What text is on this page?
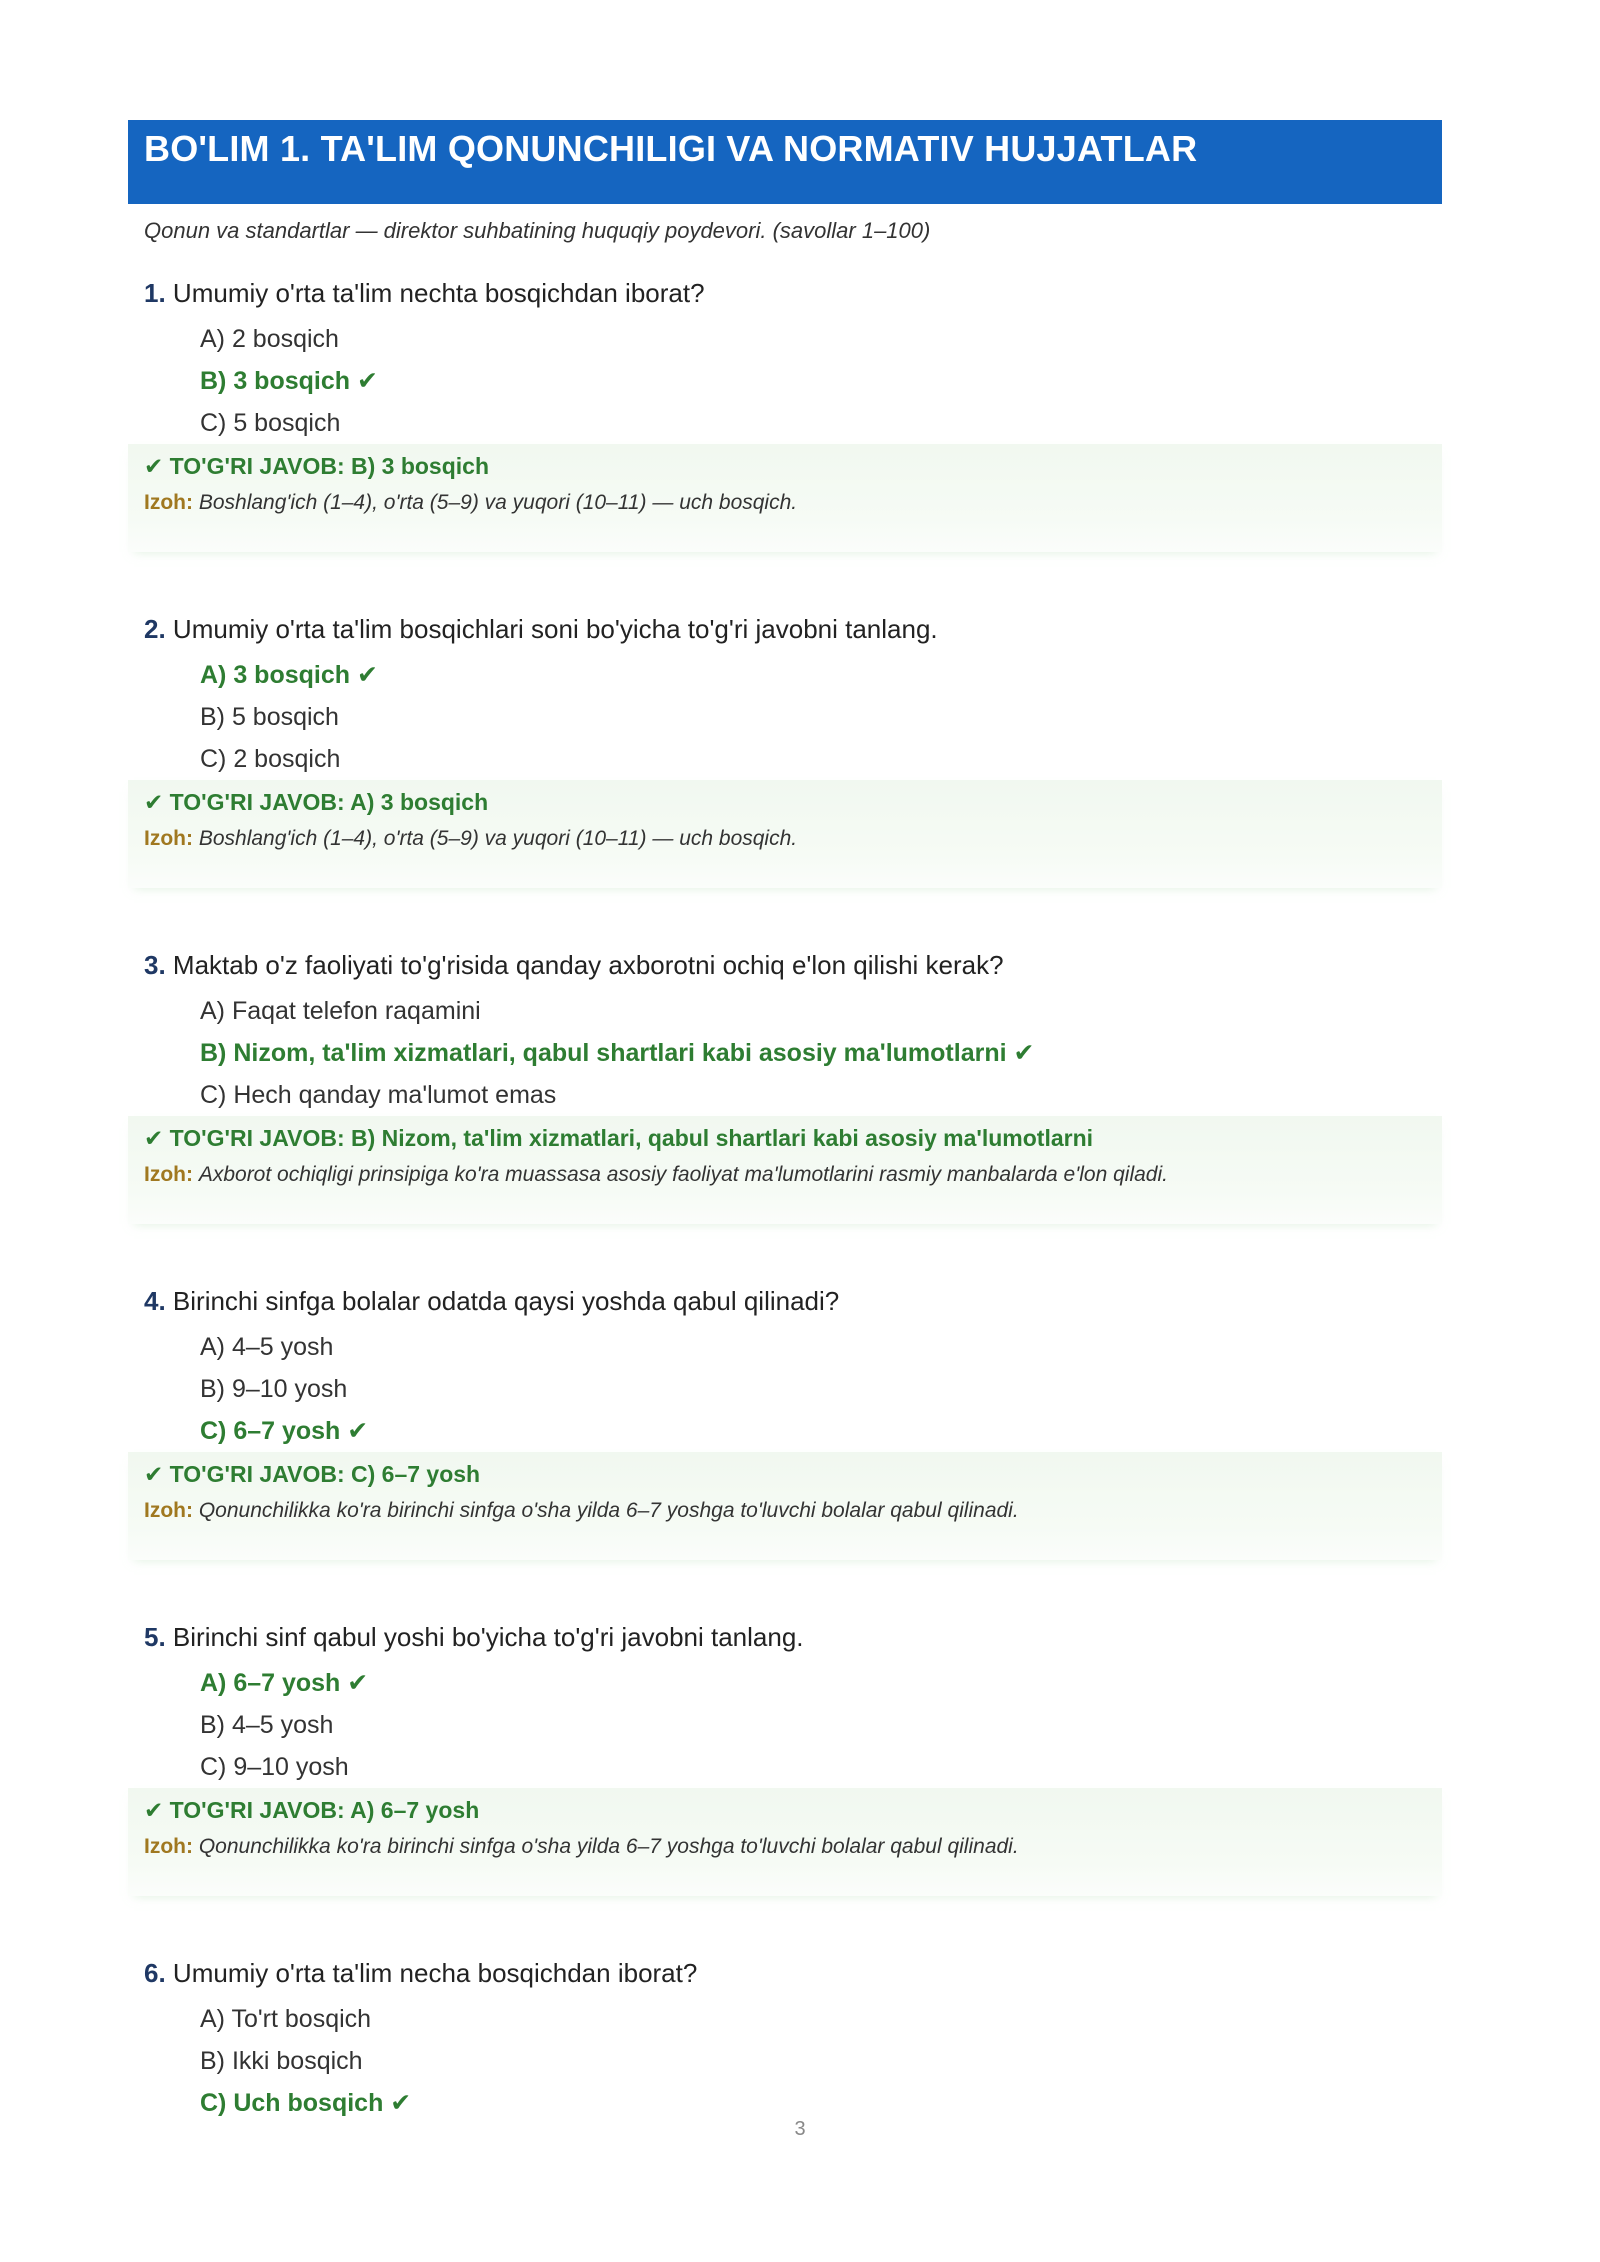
BO'LIM 1. TA'LIM QONUNCHILIGI VA NORMATIV HUJJATLAR
Qonun va standartlar — direktor suhbatining huquqiy poydevori. (savollar 1–100)
1. Umumiy o'rta ta'lim nechta bosqichdan iborat?
A) 2 bosqich
B) 3 bosqich ✔
C) 5 bosqich
✔ TO'G'RI JAVOB: B) 3 bosqich
Izoh: Boshlang'ich (1–4), o'rta (5–9) va yuqori (10–11) — uch bosqich.
2. Umumiy o'rta ta'lim bosqichlari soni bo'yicha to'g'ri javobni tanlang.
A) 3 bosqich ✔
B) 5 bosqich
C) 2 bosqich
✔ TO'G'RI JAVOB: A) 3 bosqich
Izoh: Boshlang'ich (1–4), o'rta (5–9) va yuqori (10–11) — uch bosqich.
3. Maktab o'z faoliyati to'g'risida qanday axborotni ochiq e'lon qilishi kerak?
A) Faqat telefon raqamini
B) Nizom, ta'lim xizmatlari, qabul shartlari kabi asosiy ma'lumotlarni ✔
C) Hech qanday ma'lumot emas
✔ TO'G'RI JAVOB: B) Nizom, ta'lim xizmatlari, qabul shartlari kabi asosiy ma'lumotlarni
Izoh: Axborot ochiqligi prinsipiga ko'ra muassasa asosiy faoliyat ma'lumotlarini rasmiy manbalarda e'lon qiladi.
4. Birinchi sinfga bolalar odatda qaysi yoshda qabul qilinadi?
A) 4–5 yosh
B) 9–10 yosh
C) 6–7 yosh ✔
✔ TO'G'RI JAVOB: C) 6–7 yosh
Izoh: Qonunchilikka ko'ra birinchi sinfga o'sha yilda 6–7 yoshga to'luvchi bolalar qabul qilinadi.
5. Birinchi sinf qabul yoshi bo'yicha to'g'ri javobni tanlang.
A) 6–7 yosh ✔
B) 4–5 yosh
C) 9–10 yosh
✔ TO'G'RI JAVOB: A) 6–7 yosh
Izoh: Qonunchilikka ko'ra birinchi sinfga o'sha yilda 6–7 yoshga to'luvchi bolalar qabul qilinadi.
6. Umumiy o'rta ta'lim necha bosqichdan iborat?
A) To'rt bosqich
B) Ikki bosqich
C) Uch bosqich ✔
3
